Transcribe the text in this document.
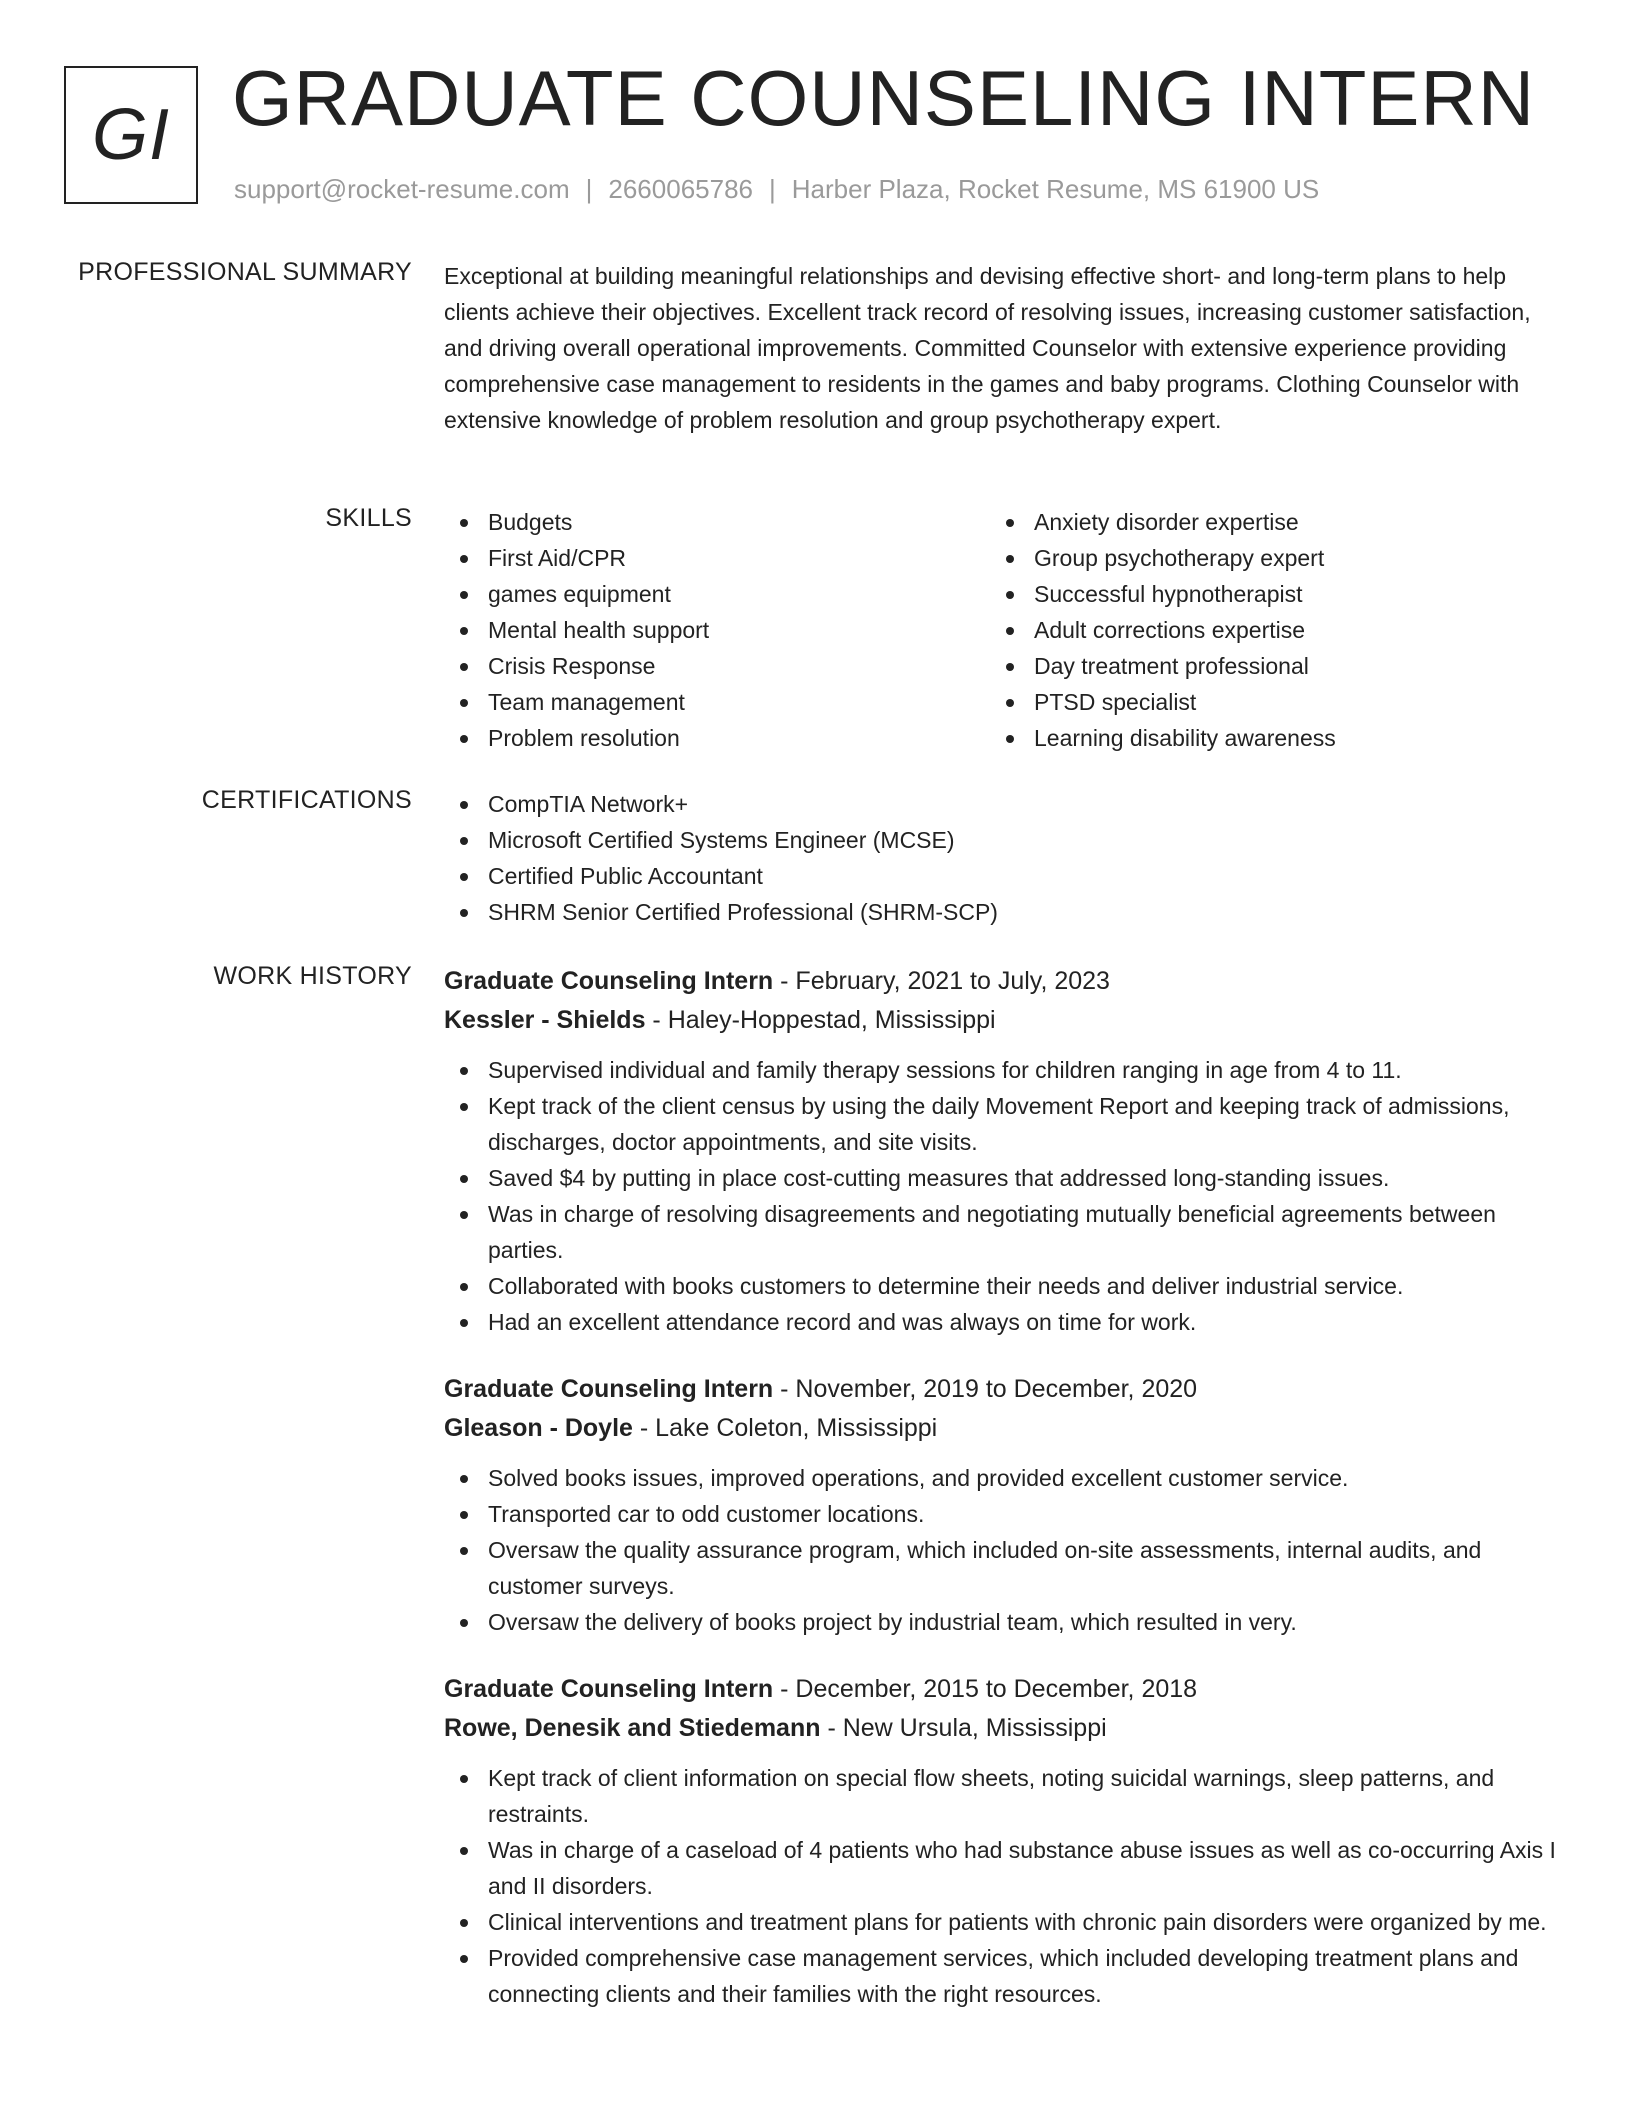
GI GRADUATE COUNSELING INTERN
support@rocket-resume.com | 2660065786 | Harber Plaza, Rocket Resume, MS 61900 US
PROFESSIONAL SUMMARY Exceptional at building meaningful relationships and devising effective short- and long-term plans to help clients achieve their objectives. Excellent track record of resolving issues, increasing customer satisfaction, and driving overall operational improvements. Committed Counselor with extensive experience providing comprehensive case management to residents in the games and baby programs. Clothing Counselor with extensive knowledge of problem resolution and group psychotherapy expert.

SKILLS	Budgets
First Aid/CPR
games equipment
Mental health support
Crisis Response
Team management
Problem resolution
Anxiety disorder expertise
Group psychotherapy expert
Successful hypnotherapist
Adult corrections expertise
Day treatment professional
PTSD specialist
Learning disability awareness
CERTIFICATIONS	CompTIA Network+
Microsoft Certified Systems Engineer (MCSE)
Certified Public Accountant
SHRM Senior Certified Professional (SHRM-SCP)
WORK HISTORY Graduate Counseling Intern - February, 2021 to July, 2023
Kessler - Shields - Haley-Hoppestad, Mississippi
Supervised individual and family therapy sessions for children ranging in age from 4 to 11.
Kept track of the client census by using the daily Movement Report and keeping track of admissions, discharges, doctor appointments, and site visits.
Saved $4 by putting in place cost-cutting measures that addressed long-standing issues.
Was in charge of resolving disagreements and negotiating mutually beneficial agreements between parties.
Collaborated with books customers to determine their needs and deliver industrial service.
Had an excellent attendance record and was always on time for work.
Graduate Counseling Intern - November, 2019 to December, 2020
Gleason - Doyle - Lake Coleton, Mississippi
Solved books issues, improved operations, and provided excellent customer service.
Transported car to odd customer locations.
Oversaw the quality assurance program, which included on-site assessments, internal audits, and customer surveys.
Oversaw the delivery of books project by industrial team, which resulted in very.
Graduate Counseling Intern - December, 2015 to December, 2018
Rowe, Denesik and Stiedemann - New Ursula, Mississippi
Kept track of client information on special flow sheets, noting suicidal warnings, sleep patterns, and restraints.
Was in charge of a caseload of 4 patients who had substance abuse issues as well as co-occurring Axis I and II disorders.
Clinical interventions and treatment plans for patients with chronic pain disorders were organized by me.
Provided comprehensive case management services, which included developing treatment plans and connecting clients and their families with the right resources.
